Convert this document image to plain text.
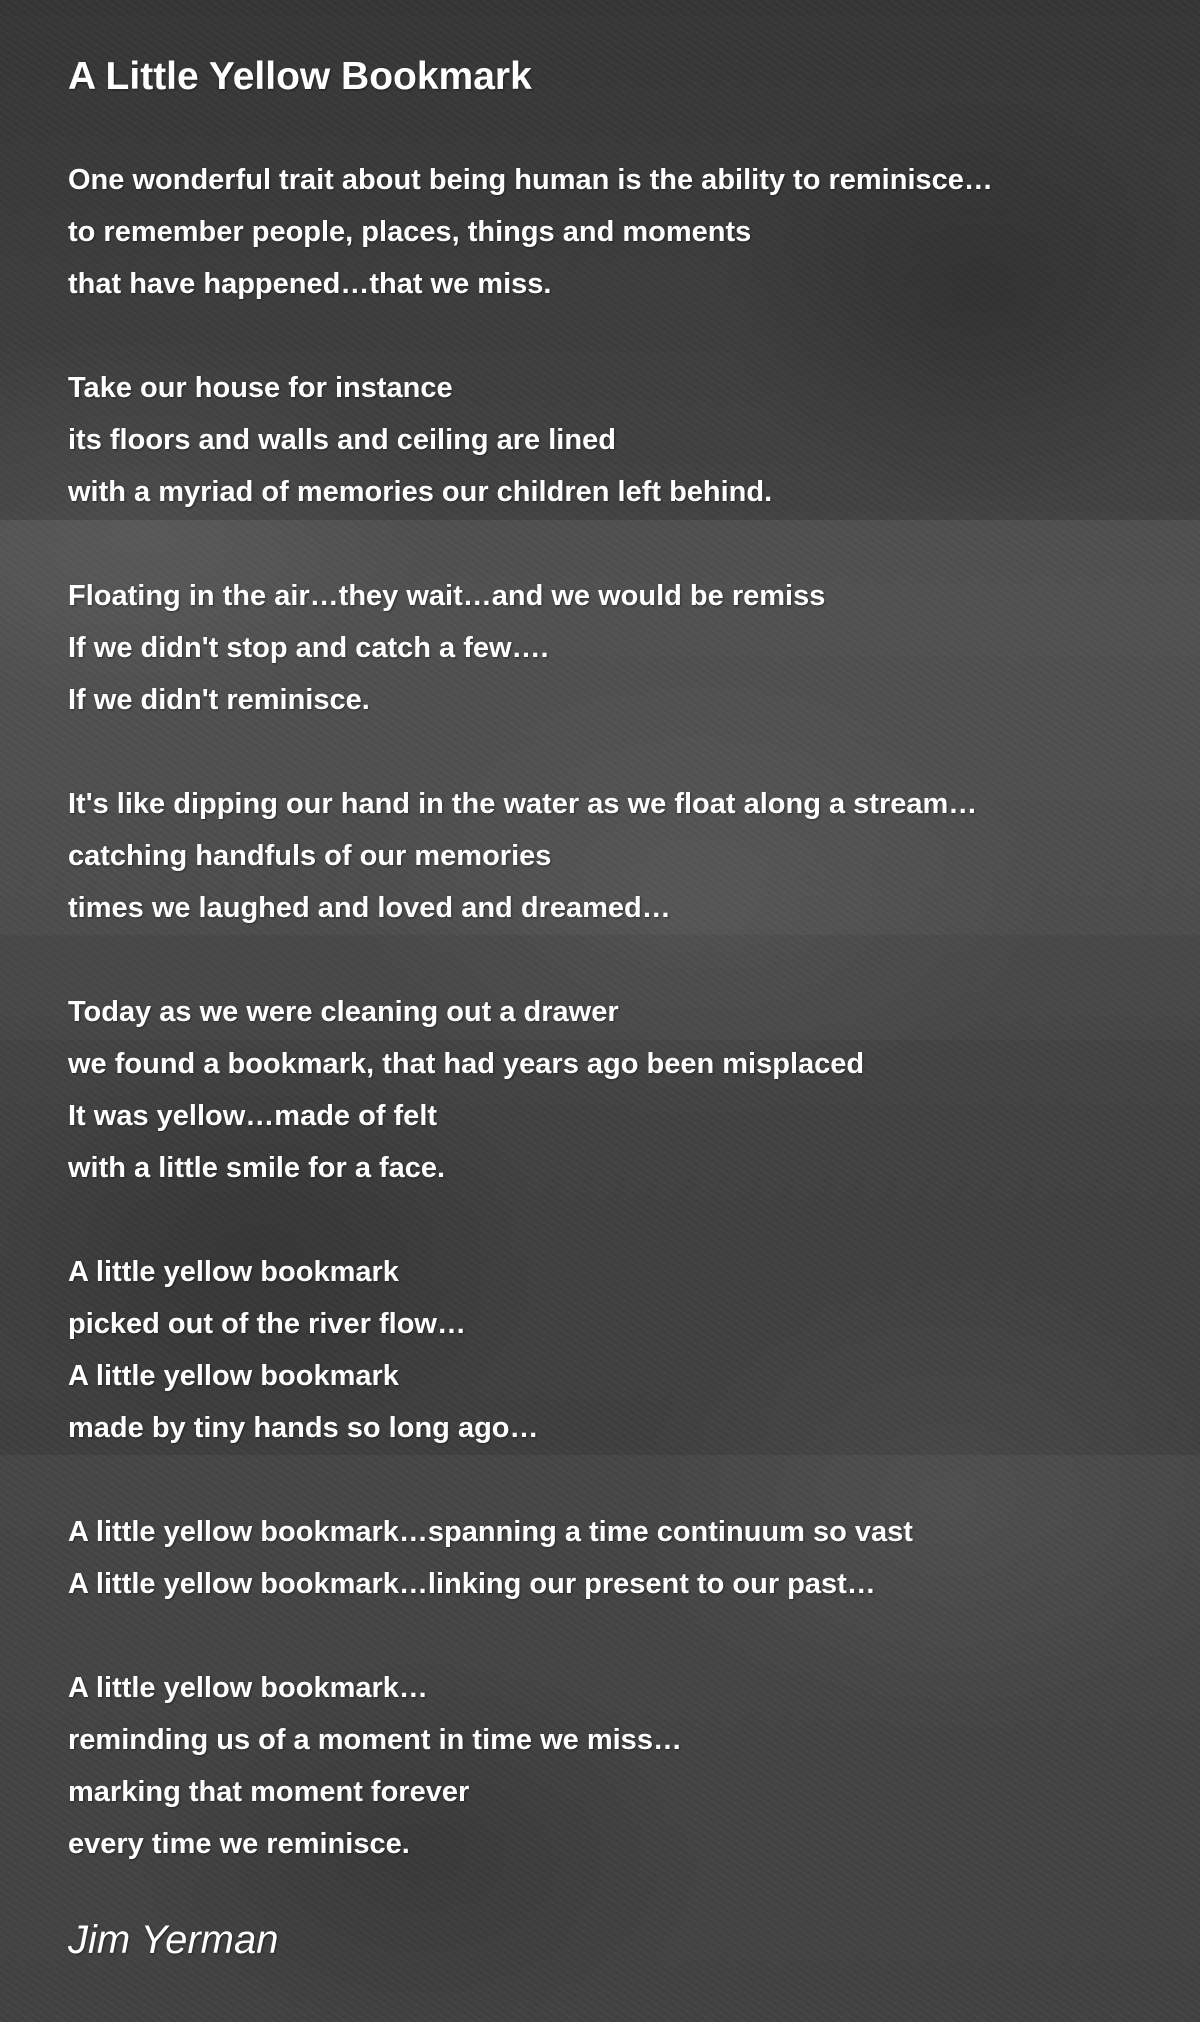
A Little Yellow Bookmark
One wonderful trait about being human is the ability to reminisce…
to remember people, places, things and moments
that have happened…that we miss.
Take our house for instance
its floors and walls and ceiling are lined
with a myriad of memories our children left behind.
Floating in the air…they wait…and we would be remiss
If we didn't stop and catch a few….
If we didn't reminisce.
It's like dipping our hand in the water as we float along a stream…
catching handfuls of our memories
times we laughed and loved and dreamed…
Today as we were cleaning out a drawer
we found a bookmark, that had years ago been misplaced
It was yellow…made of felt
with a little smile for a face.
A little yellow bookmark
picked out of the river flow…
A little yellow bookmark
made by tiny hands so long ago…
A little yellow bookmark…spanning a time continuum so vast
A little yellow bookmark…linking our present to our past…
A little yellow bookmark…
reminding us of a moment in time we miss…
marking that moment forever
every time we reminisce.
Jim Yerman
